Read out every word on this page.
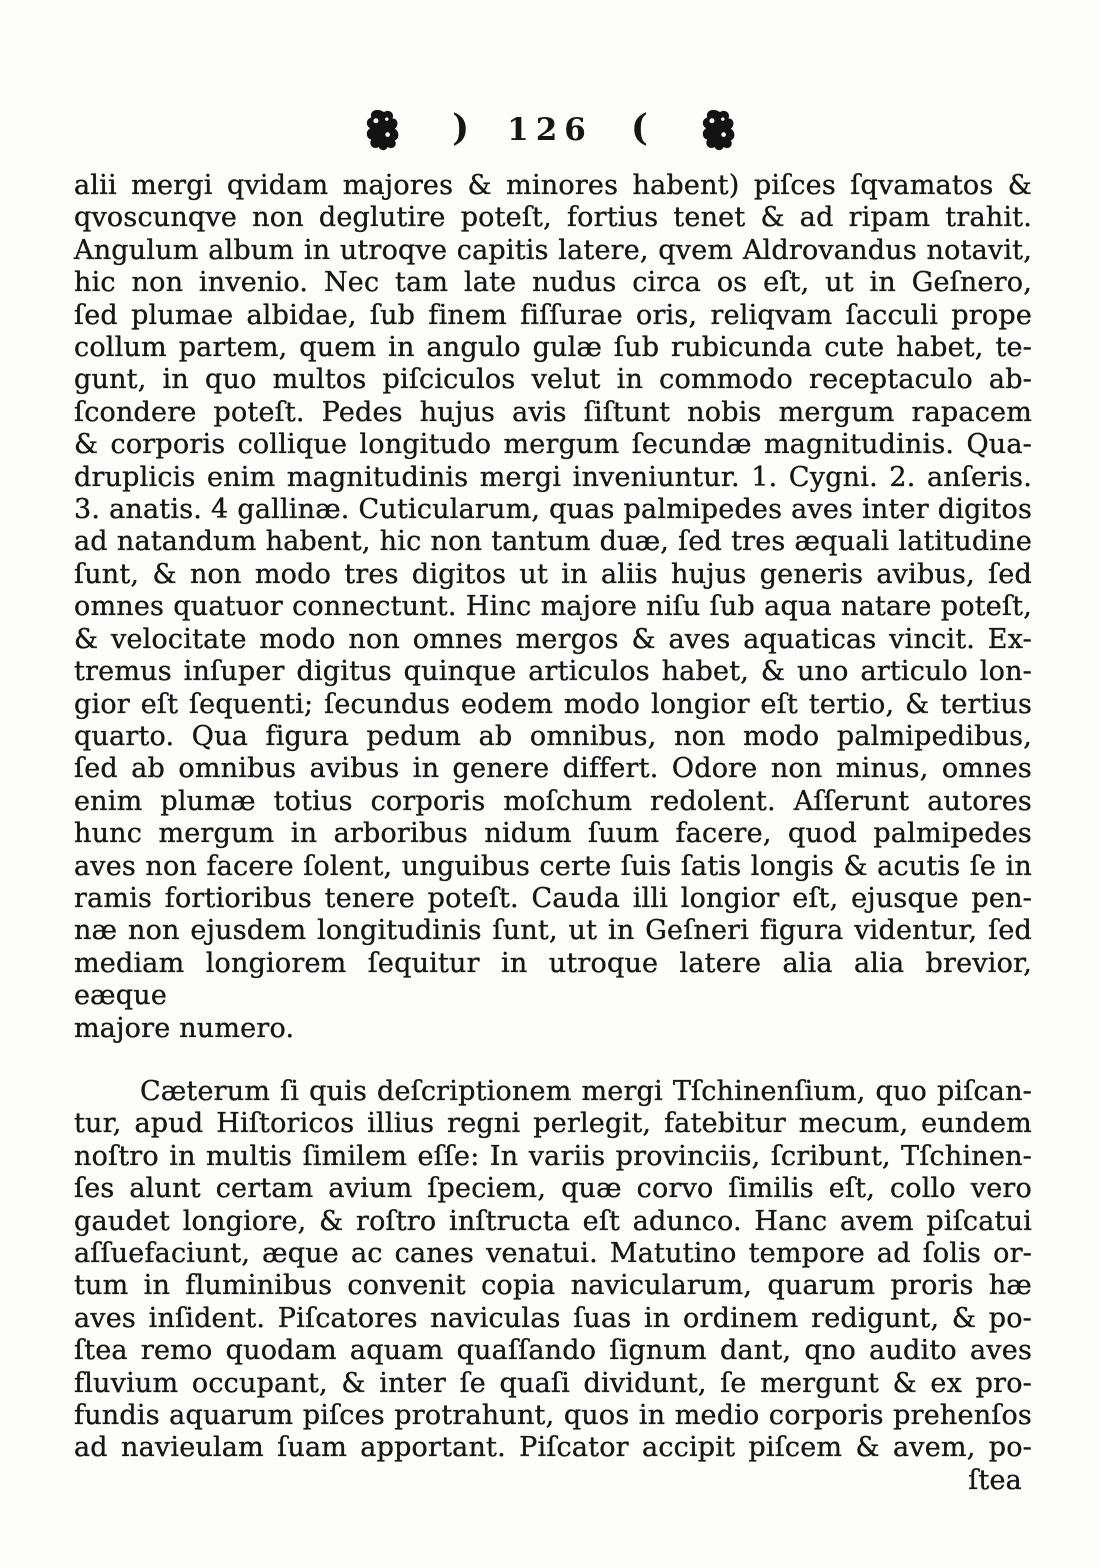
) 126 (
alii mergi qvidam majores & minores habent) piſces ſqvamatos &
qvoscunqve non deglutire poteſt, fortius tenet & ad ripam trahit.
Angulum album in utroqve capitis latere, qvem Aldrovandus notavit,
hic non invenio. Nec tam late nudus circa os eſt, ut in Geſnero,
ſed plumae albidae, ſub finem fiſſurae oris, reliqvam ſacculi prope
collum partem, quem in angulo gulæ ſub rubicunda cute habet, te-
gunt, in quo multos piſciculos velut in commodo receptaculo ab-
ſcondere poteſt. Pedes hujus avis ſiſtunt nobis mergum rapacem
& corporis collique longitudo mergum ſecundæ magnitudinis. Qua-
druplicis enim magnitudinis mergi inveniuntur. 1. Cygni. 2. anſeris.
3. anatis. 4 gallinæ. Cuticularum, quas palmipedes aves inter digitos
ad natandum habent, hic non tantum duæ, ſed tres æquali latitudine
ſunt, & non modo tres digitos ut in aliis hujus generis avibus, ſed
omnes quatuor connectunt. Hinc majore niſu ſub aqua natare poteſt,
& velocitate modo non omnes mergos & aves aquaticas vincit. Ex-
tremus inſuper digitus quinque articulos habet, & uno articulo lon-
gior eſt ſequenti; ſecundus eodem modo longior eſt tertio, & tertius
quarto. Qua figura pedum ab omnibus, non modo palmipedibus,
ſed ab omnibus avibus in genere differt. Odore non minus, omnes
enim plumæ totius corporis moſchum redolent. Aſſerunt autores
hunc mergum in arboribus nidum ſuum facere, quod palmipedes
aves non facere ſolent, unguibus certe ſuis ſatis longis & acutis ſe in
ramis fortioribus tenere poteſt. Cauda illi longior eſt, ejusque pen-
næ non ejusdem longitudinis ſunt, ut in Geſneri figura videntur, ſed
mediam longiorem ſequitur in utroque latere alia alia brevior, eæque
majore numero.
Cæterum ſi quis deſcriptionem mergi Tſchinenſium, quo piſcan-
tur, apud Hiſtoricos illius regni perlegit, fatebitur mecum, eundem
noſtro in multis ſimilem eſſe: In variis provinciis, ſcribunt, Tſchinen-
ſes alunt certam avium ſpeciem, quæ corvo ſimilis eſt, collo vero
gaudet longiore, & roſtro inſtructa eſt adunco. Hanc avem piſcatui
aſſuefaciunt, æque ac canes venatui. Matutino tempore ad ſolis or-
tum in fluminibus convenit copia navicularum, quarum proris hæ
aves inſident. Piſcatores naviculas ſuas in ordinem redigunt, & po-
ſtea remo quodam aquam quaſſando ſignum dant, qno audito aves
fluvium occupant, & inter ſe quaſi dividunt, ſe mergunt & ex pro-
fundis aquarum piſces protrahunt, quos in medio corporis prehenſos
ad navieulam ſuam apportant. Piſcator accipit piſcem & avem, po-
ſtea
